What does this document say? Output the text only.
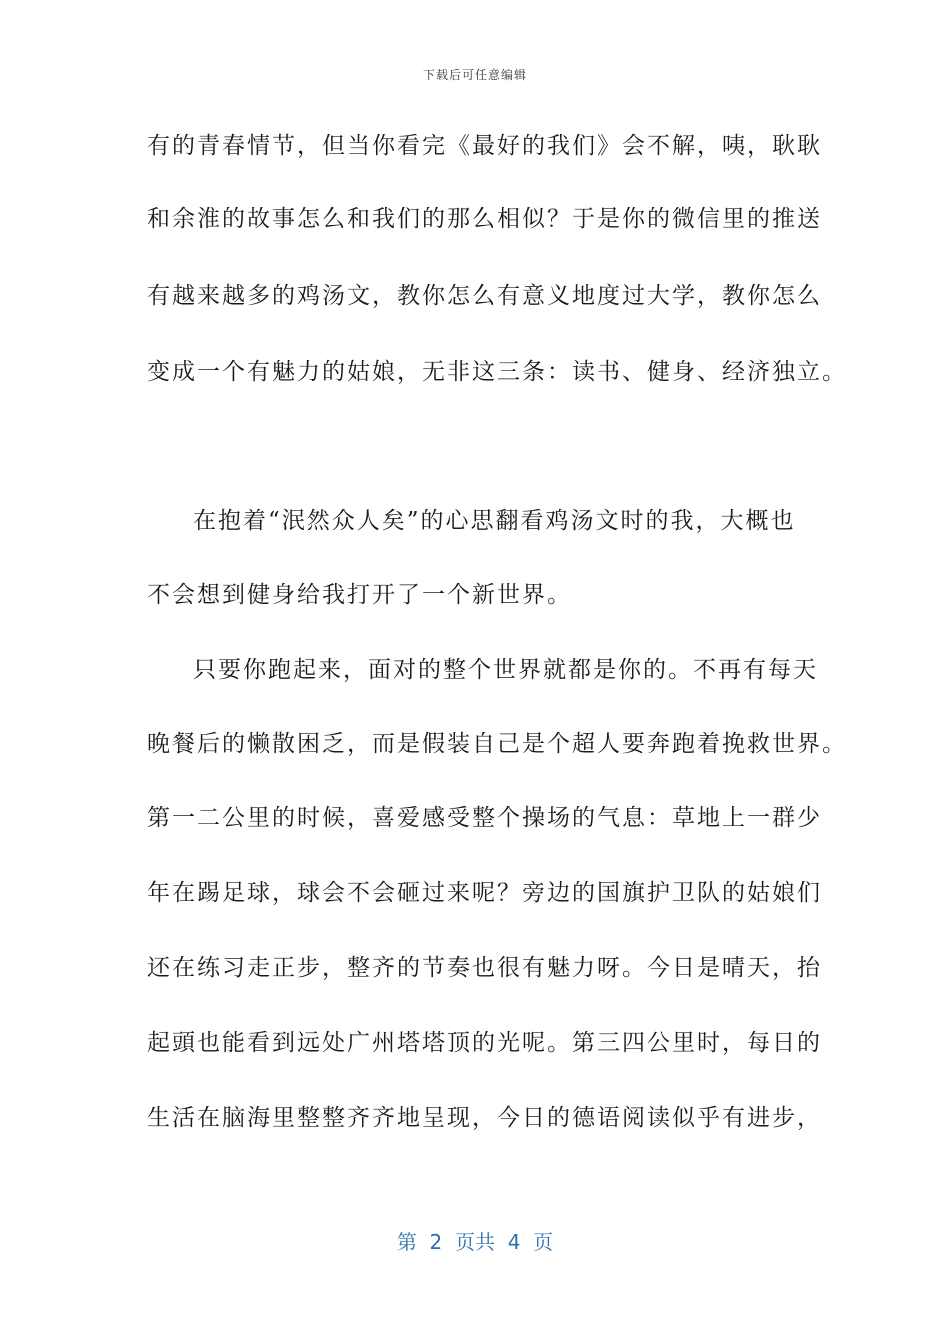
下载后可任意编辑
有的青春情节，但当你看完《最好的我们》会不解，咦，耿耿
和余淮的故事怎么和我们的那么相似？于是你的微信里的推送
有越来越多的鸡汤文，教你怎么有意义地度过大学，教你怎么
变成一个有魅力的姑娘，无非这三条：读书、健身、经济独立。
在抱着“泯然众人矣”的心思翻看鸡汤文时的我，大概也
不会想到健身给我打开了一个新世界。
只要你跑起来，面对的整个世界就都是你的。不再有每天
晚餐后的懒散困乏，而是假装自己是个超人要奔跑着挽救世界。
第一二公里的时候，喜爱感受整个操场的气息：草地上一群少
年在踢足球，球会不会砸过来呢？旁边的国旗护卫队的姑娘们
还在练习走正步，整齐的节奏也很有魅力呀。今日是晴天，抬
起頭也能看到远处广州塔塔顶的光呢。第三四公里时，每日的
生活在脑海里整整齐齐地呈现，今日的德语阅读似乎有进步，
第  2  页共  4  页
